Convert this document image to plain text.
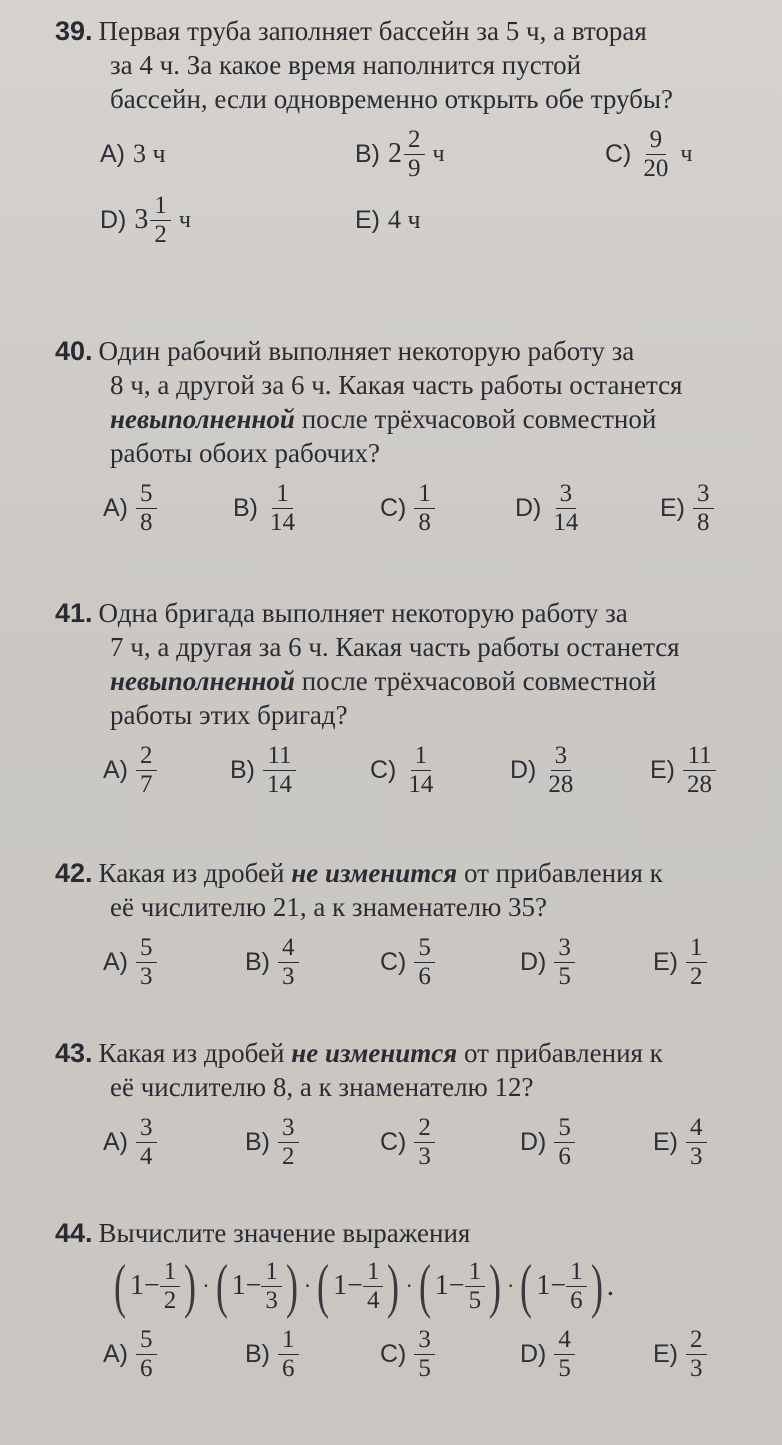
39. Первая труба заполняет бассейн за 5 ч, а вторая
за 4 ч. За какое время наполнится пустой
бассейн, если одновременно открыть обе трубы?

A) 3 ч	B) $2 \frac{2}{9}$ ч	$C) \frac{9}{20}$ ч
D) $3 \frac{1}{2}$ ч	E) 4 ч

40. Один рабочий выполняет некоторую работу за
8 ч, а другой за 6 ч. Какая часть работы останется
невыполненной после трёхчасовой совместной
работы обоих рабочих?

$A) \frac{5}{8}$	$B) \frac{1}{14}$	$C) \frac{1}{8}$	$D) \frac{3}{14}$	$E) \frac{3}{8}$

41. Одна бригада выполняет некоторую работу за
7 ч, а другая за 6 ч. Какая часть работы останется
невыполненной после трёхчасовой совместной
работы этих бригад?

$A) \frac{2}{7}$	$B) \frac{11}{14}$	$C) \frac{1}{14}$	$D) \frac{3}{28}$	$E) \frac{11}{28}$

42. Какая из дробей не изменится от прибавления к
её числителю 21, а к знаменателю 35?

$A) \frac{5}{3}$	$B) \frac{4}{3}$	$C) \frac{5}{6}$	$D) \frac{3}{5}$	$E) \frac{1}{2}$

43. Какая из дробей не изменится от прибавления к
её числителю 8, а к знаменателю 12?

$A) \frac{3}{4}$	$B) \frac{3}{2}$	$C) \frac{2}{3}$	$D) \frac{5}{6}$	$E) \frac{4}{3}$

44. Вычислите значение выражения

( $1 - \frac{1}{2}$ ) · ( $1 - \frac{1}{3}$ ) · ( $1 - \frac{1}{4}$ ) · ( $1 - \frac{1}{5}$ ) · ( $1 - \frac{1}{6}$ ) .
$A) \frac{5}{6}$	$B) \frac{1}{6}$	$C) \frac{3}{5}$	$D) \frac{4}{5}$	$E) \frac{2}{3}$
